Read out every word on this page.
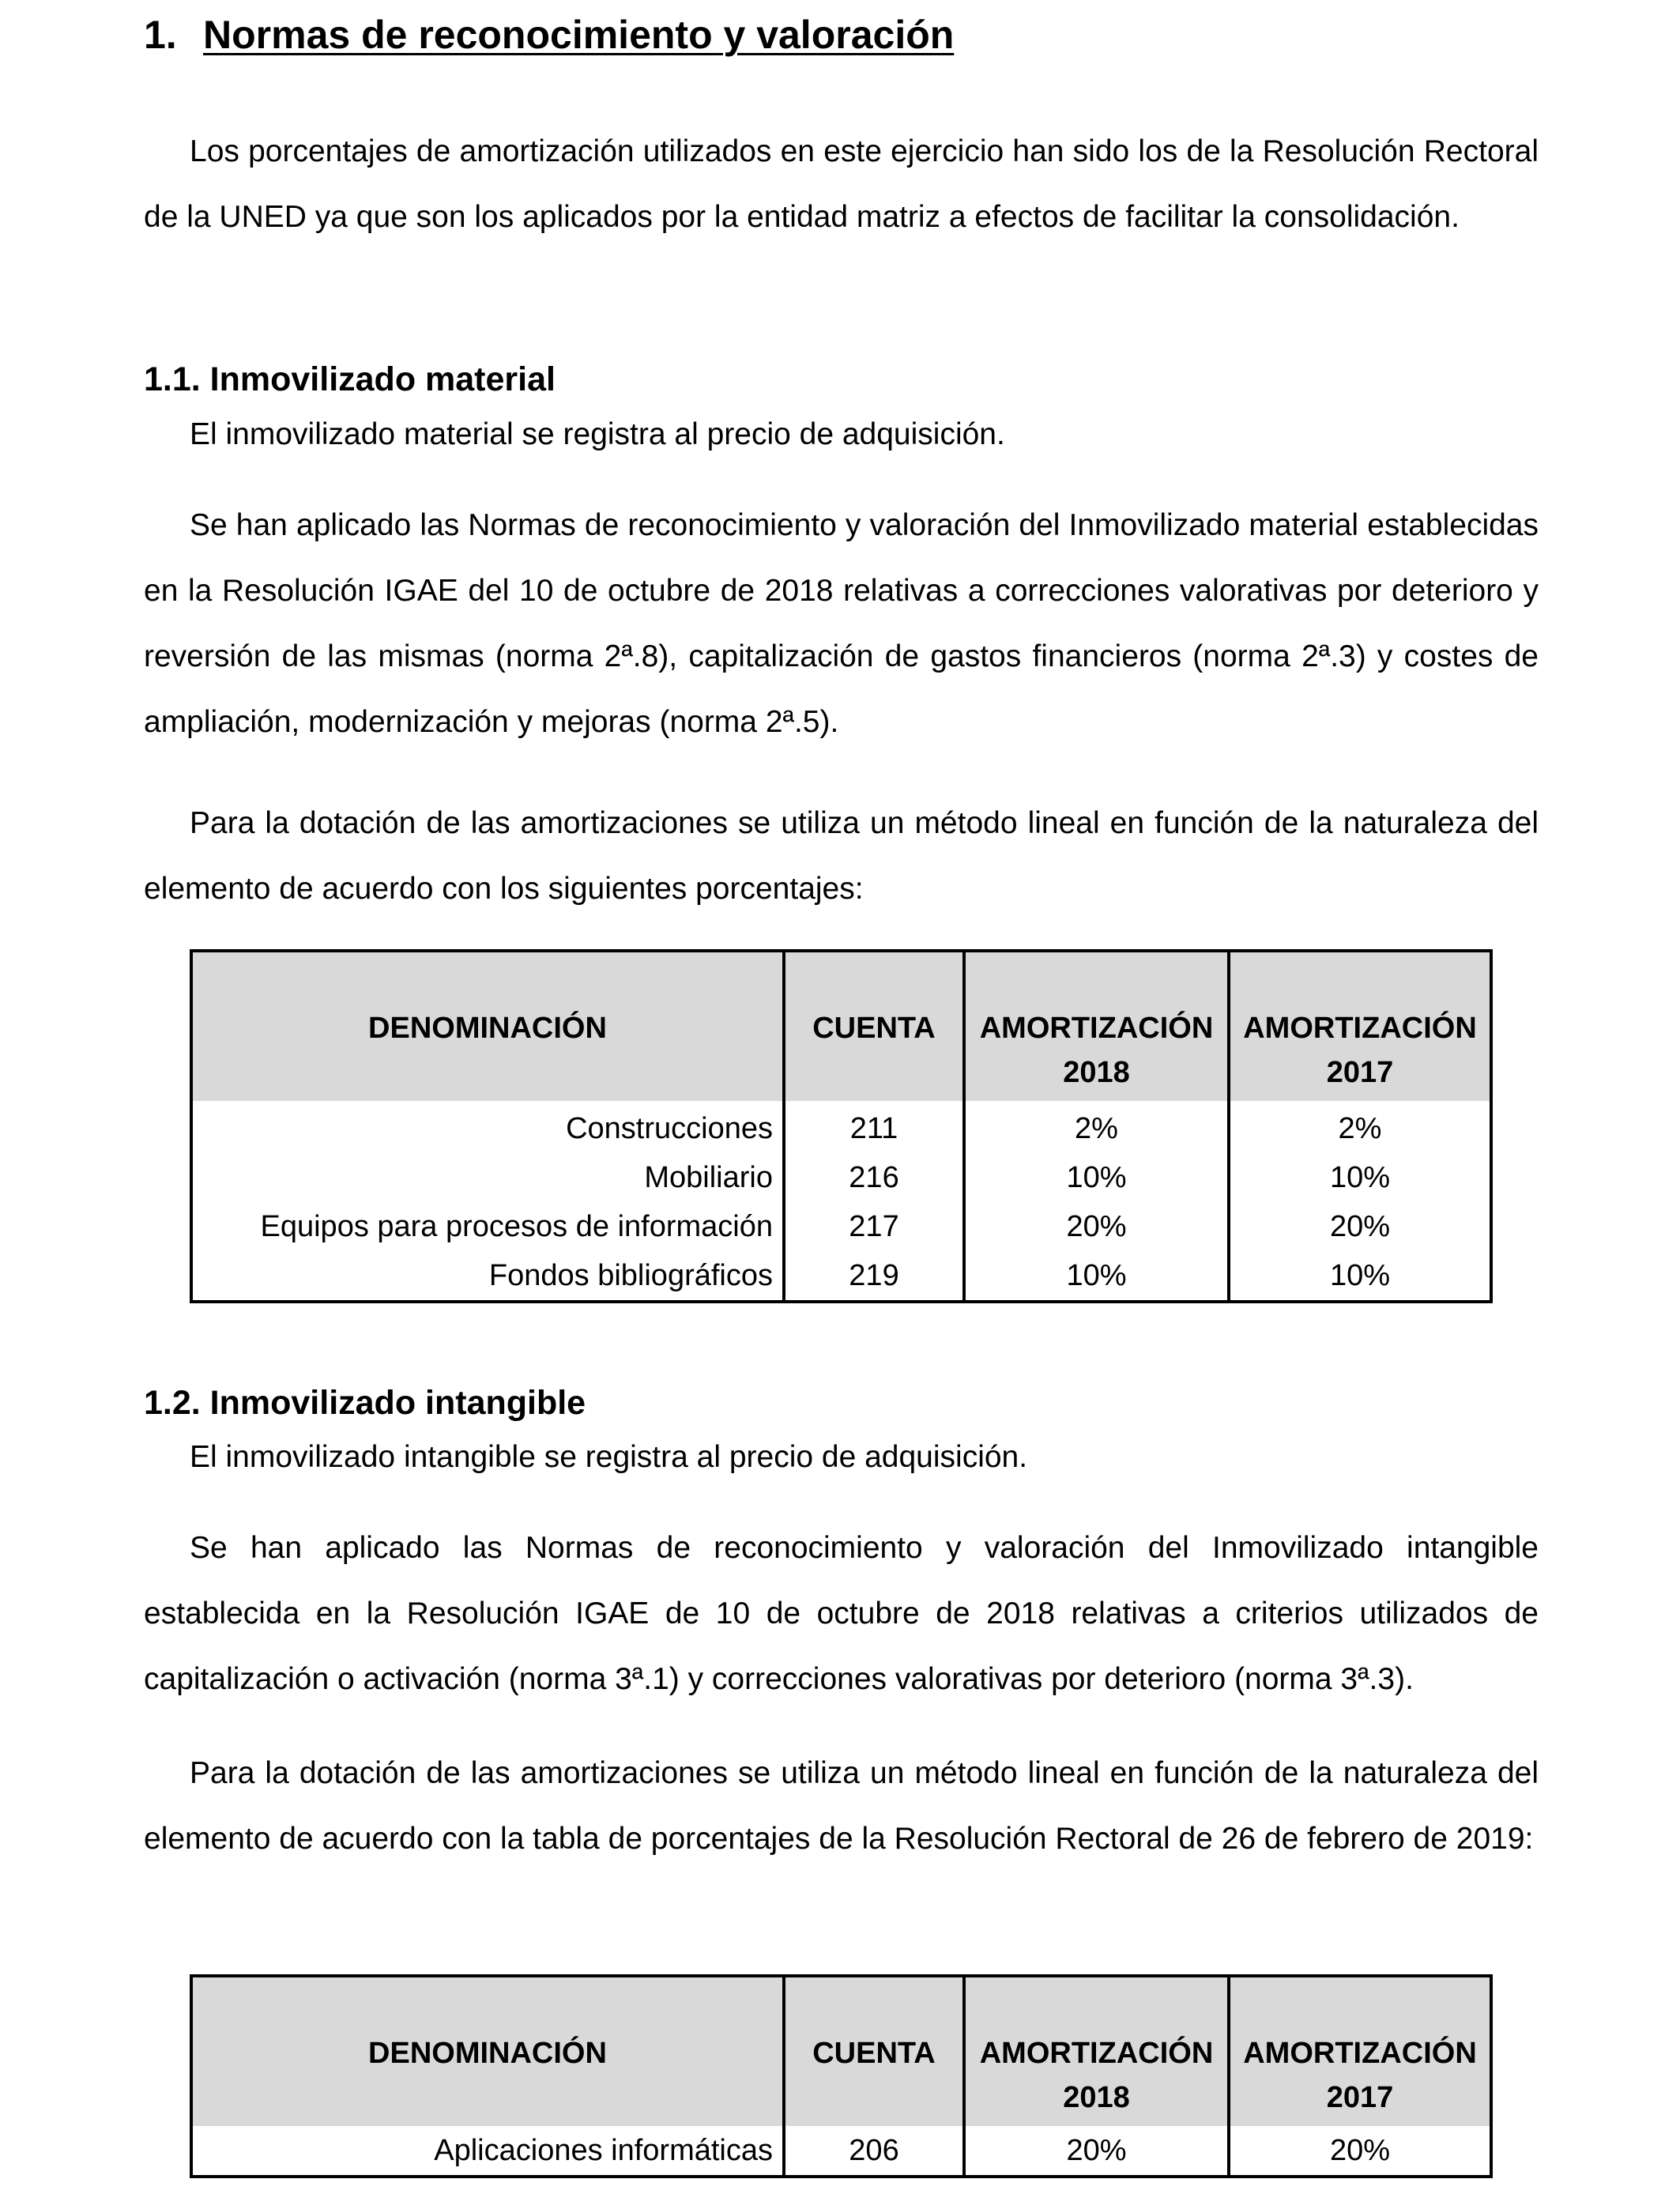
1. Normas de reconocimiento y valoración

Los porcentajes de amortización utilizados en este ejercicio han sido los de la Resolución Rectoral de la UNED ya que son los aplicados por la entidad matriz a efectos de facilitar la consolidación.

1.1. Inmovilizado material

El inmovilizado material se registra al precio de adquisición.

Se han aplicado las Normas de reconocimiento y valoración del Inmovilizado material establecidas en la Resolución IGAE del 10 de octubre de 2018 relativas a correcciones valorativas por deterioro y reversión de las mismas (norma 2ª.8), capitalización de gastos financieros (norma 2ª.3) y costes de ampliación, modernización y mejoras (norma 2ª.5).

Para la dotación de las amortizaciones se utiliza un método lineal en función de la naturaleza del elemento de acuerdo con los siguientes porcentajes:

DENOMINACIÓN	CUENTA	AMORTIZACIÓN 2018	AMORTIZACIÓN 2017
Construcciones	211	2%	2%
Mobiliario	216	10%	10%
Equipos para procesos de información	217	20%	20%
Fondos bibliográficos	219	10%	10%
1.2. Inmovilizado intangible

El inmovilizado intangible se registra al precio de adquisición.

Se han aplicado las Normas de reconocimiento y valoración del Inmovilizado intangible establecida en la Resolución IGAE de 10 de octubre de 2018 relativas a criterios utilizados de capitalización o activación (norma 3ª.1) y correcciones valorativas por deterioro (norma 3ª.3).

Para la dotación de las amortizaciones se utiliza un método lineal en función de la naturaleza del elemento de acuerdo con la tabla de porcentajes de la Resolución Rectoral de 26 de febrero de 2019:

DENOMINACIÓN	CUENTA	AMORTIZACIÓN 2018	AMORTIZACIÓN 2017
Aplicaciones informáticas	206	20%	20%
